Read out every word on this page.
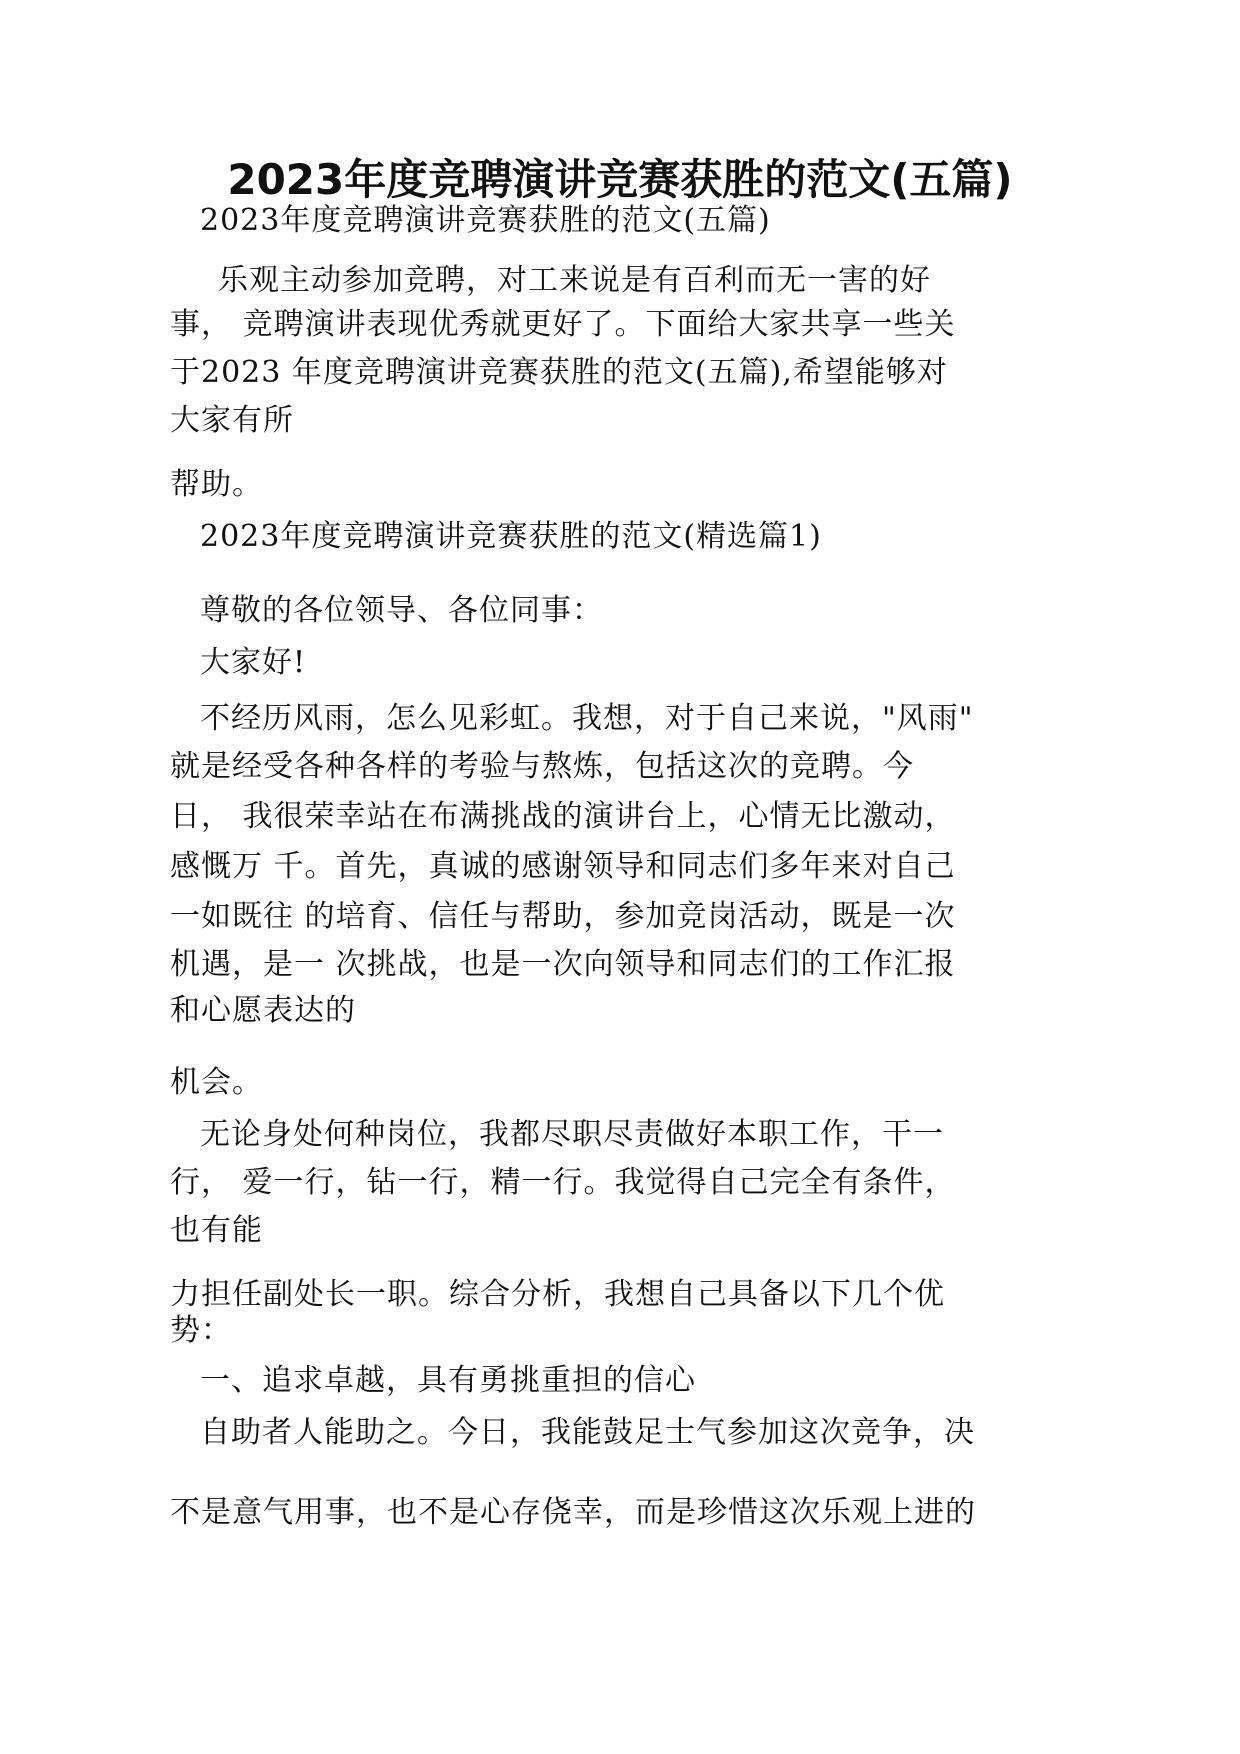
2023年度竞聘演讲竞赛获胜的范文(五篇)
2023年度竞聘演讲竞赛获胜的范文(五篇)
乐观主动参加竞聘，对工来说是有百利而无一害的好
事， 竞聘演讲表现优秀就更好了。下面给大家共享一些关
于2023 年度竞聘演讲竞赛获胜的范文(五篇),希望能够对
大家有所
帮助。
2023年度竞聘演讲竞赛获胜的范文(精选篇1)
尊敬的各位领导、各位同事：
大家好!
不经历风雨，怎么见彩虹。我想，对于自己来说，"风雨"
就是经受各种各样的考验与熬炼，包括这次的竞聘。今
日， 我很荣幸站在布满挑战的演讲台上，心情无比激动，
感慨万 千。首先，真诚的感谢领导和同志们多年来对自己
一如既往 的培育、信任与帮助，参加竞岗活动，既是一次
机遇，是一 次挑战，也是一次向领导和同志们的工作汇报
和心愿表达的
机会。
无论身处何种岗位，我都尽职尽责做好本职工作，干一
行， 爱一行，钻一行，精一行。我觉得自己完全有条件，
也有能
力担任副处长一职。综合分析，我想自己具备以下几个优
势：
一、追求卓越，具有勇挑重担的信心
自助者人能助之。今日，我能鼓足士气参加这次竞争，决
不是意气用事，也不是心存侥幸，而是珍惜这次乐观上进的
